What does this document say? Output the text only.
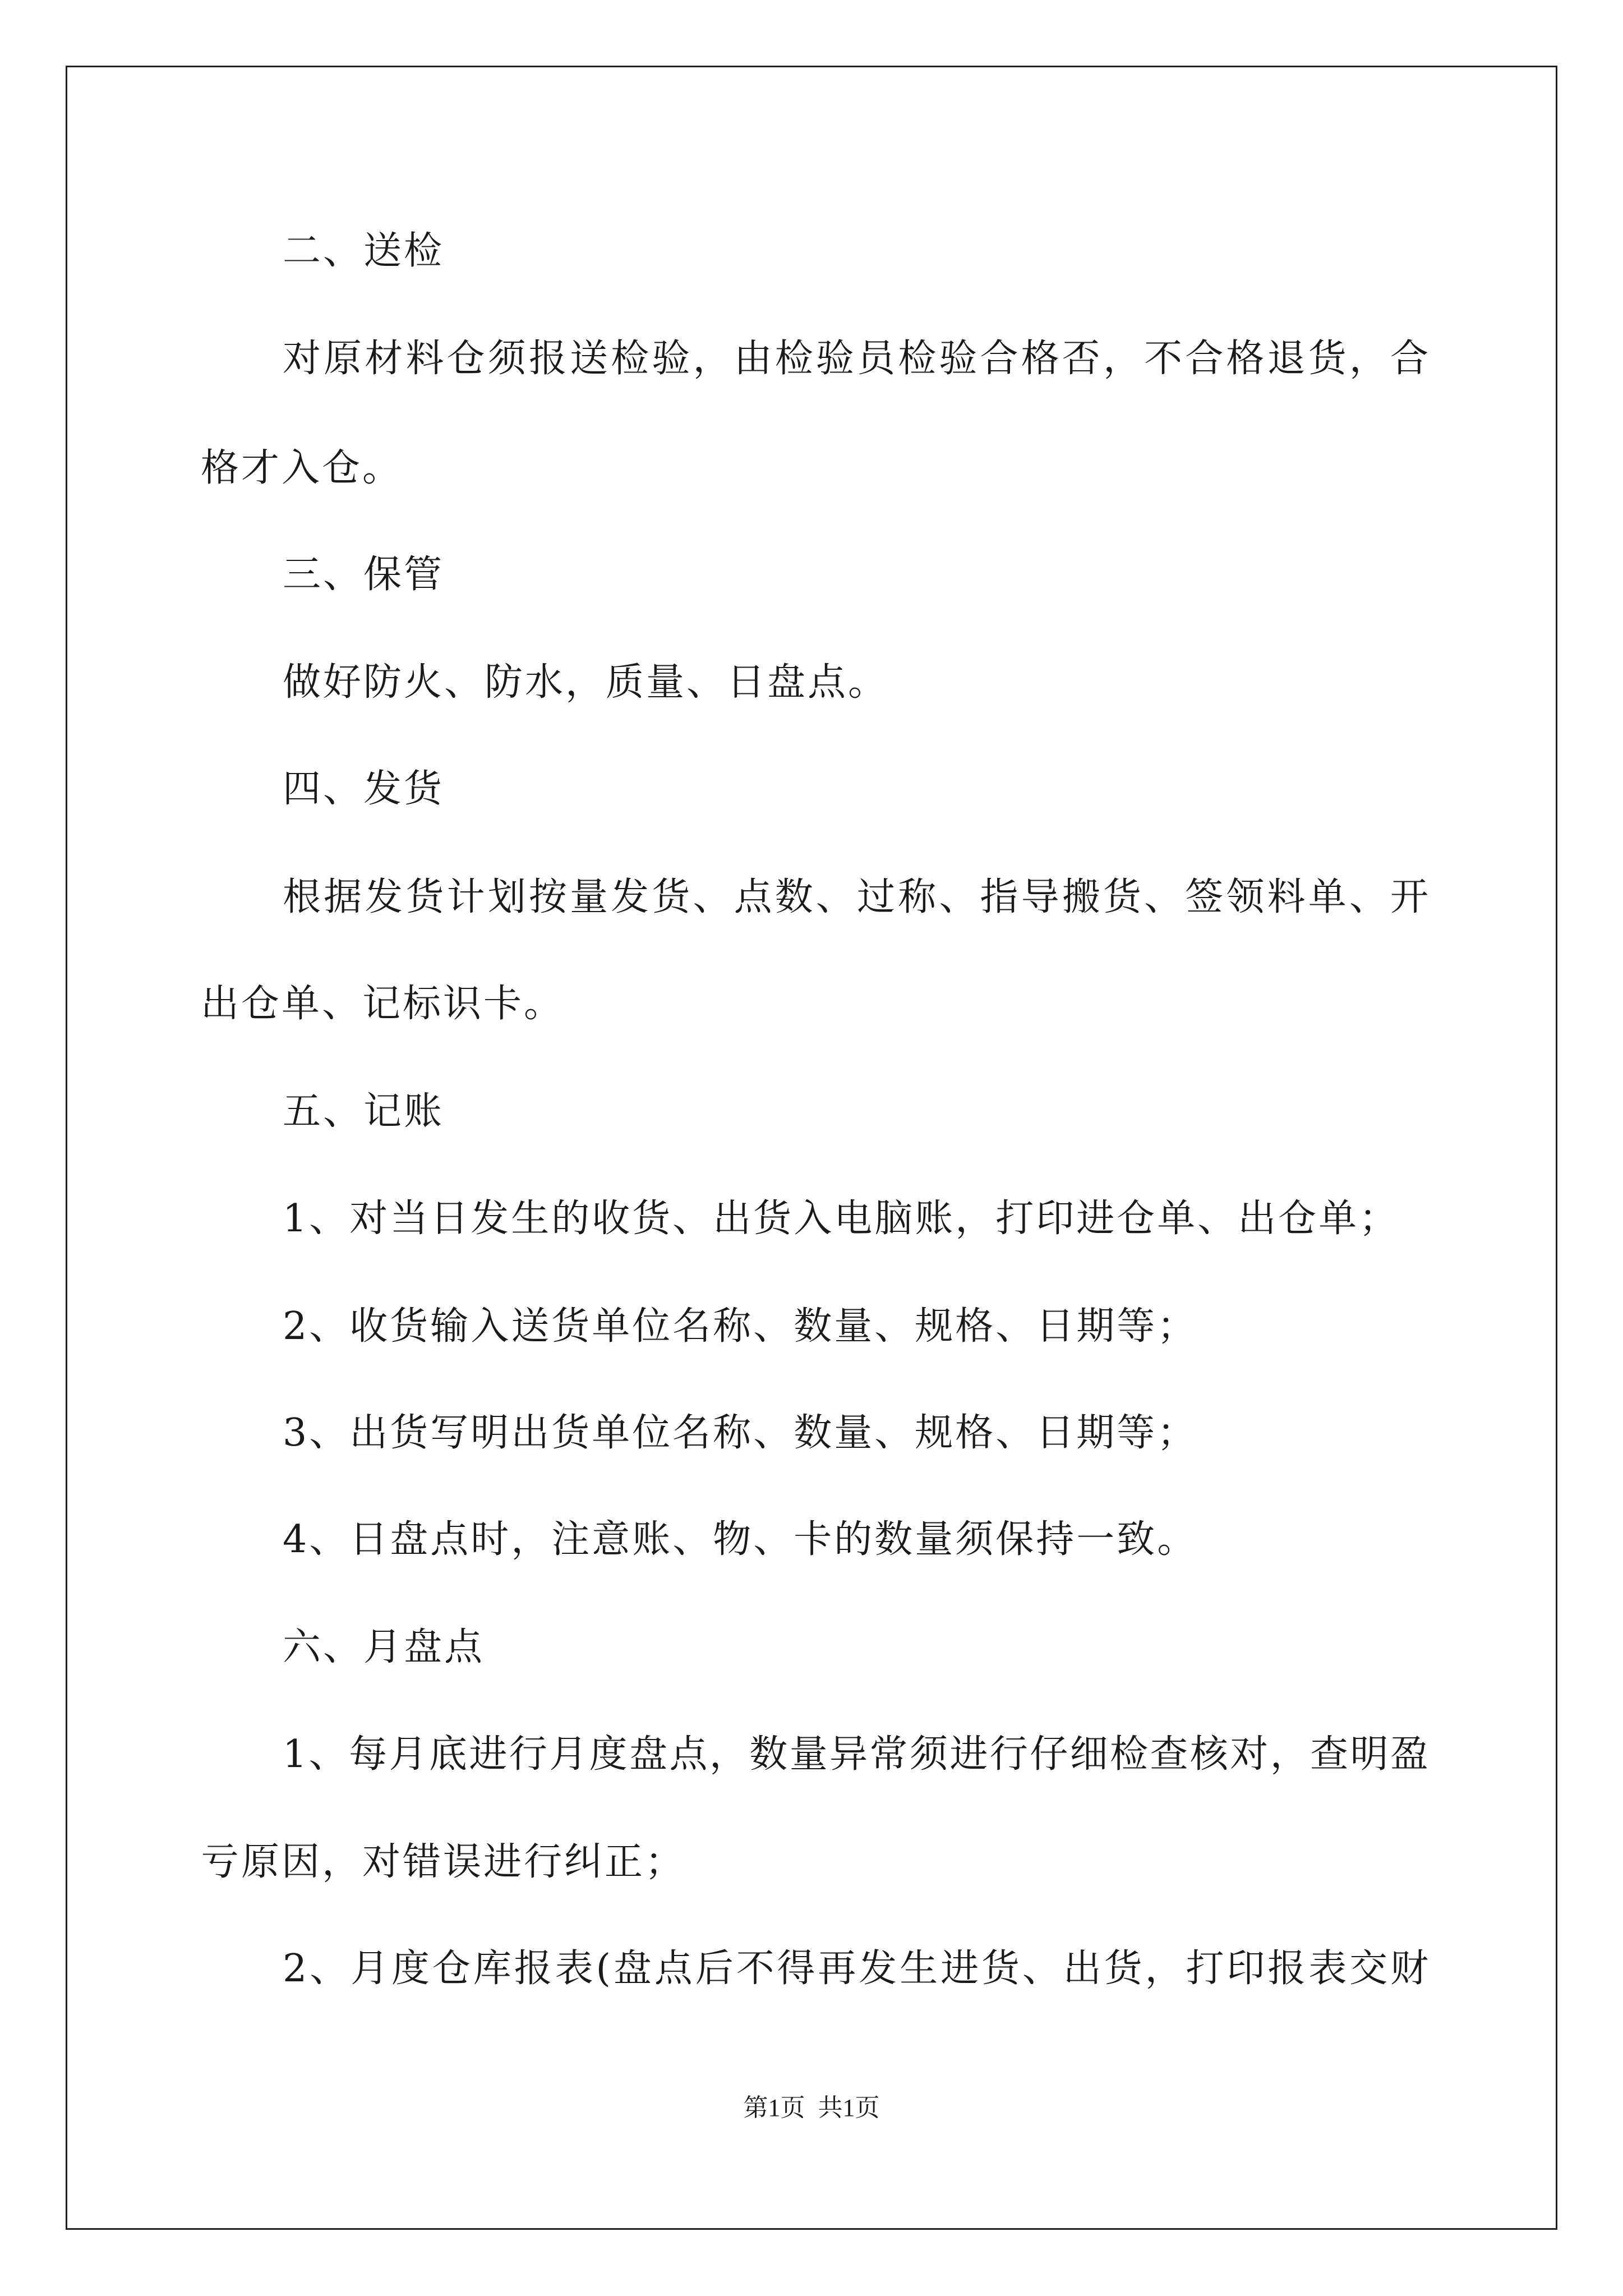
二、送检
对原材料仓须报送检验，由检验员检验合格否，不合格退货，合
格才入仓。
三、保管
做好防火、防水，质量、日盘点。
四、发货
根据发货计划按量发货、点数、过称、指导搬货、签领料单、开
出仓单、记标识卡。
五、记账
1、对当日发生的收货、出货入电脑账，打印进仓单、出仓单；
2、收货输入送货单位名称、数量、规格、日期等；
3、出货写明出货单位名称、数量、规格、日期等；
4、日盘点时，注意账、物、卡的数量须保持一致。
六、月盘点
1、每月底进行月度盘点，数量异常须进行仔细检查核对，查明盈
亏原因，对错误进行纠正；
2、月度仓库报表(盘点后不得再发生进货、出货，打印报表交财
第1页 共1页
